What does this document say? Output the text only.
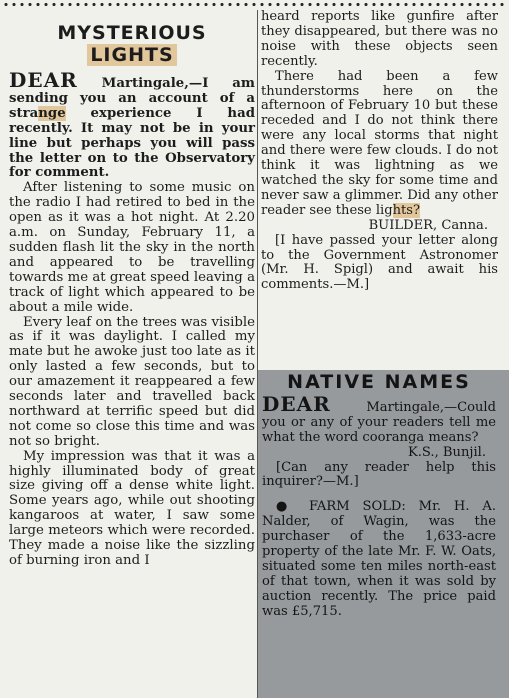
MYSTERIOUS
LIGHTS

DEAR Martingale,—I am sending you an account of a strange experience I had recently. It may not be in your line but perhaps you will pass the letter on to the Observatory for comment.

After listening to some music on the radio I had retired to bed in the open as it was a hot night. At 2.20 a.m. on Sunday, February 11, a sudden flash lit the sky in the north and appeared to be travelling towards me at great speed leaving a track of light which appeared to be about a mile wide.

Every leaf on the trees was visible as if it was daylight. I called my mate but he awoke just too late as it only lasted a few seconds, but to our amazement it reappeared a few seconds later and travelled back northward at terrific speed but did not come so close this time and was not so bright.

My impression was that it was a highly illuminated body of great size giving off a dense white light. Some years ago, while out shooting kangaroos at water, I saw some large meteors which were recorded. They made a noise like the sizzling of burning iron and I

heard reports like gunfire after they disappeared, but there was no noise with these objects seen recently.

There had been a few thunderstorms here on the afternoon of February 10 but these receded and I do not think there were any local storms that night and there were few clouds. I do not think it was lightning as we watched the sky for some time and never saw a glimmer. Did any other reader see these lights?

BUILDER, Canna.

[I have passed your letter along to the Government Astronomer (Mr. H. Spigl) and await his comments.—M.]

NATIVE NAMES

DEAR	Martingale,—Could you or any of your readers tell me what the word cooranga means?

K.S., Bunjil.

[Can any reader help this inquirer?—M.]

● FARM SOLD: Mr. H. A. Nalder, of Wagin, was the purchaser of the 1,633-acre property of the late Mr. F. W. Oats, situated some ten miles north-east of that town, when it was sold by auction recently. The price paid was £5,715.
